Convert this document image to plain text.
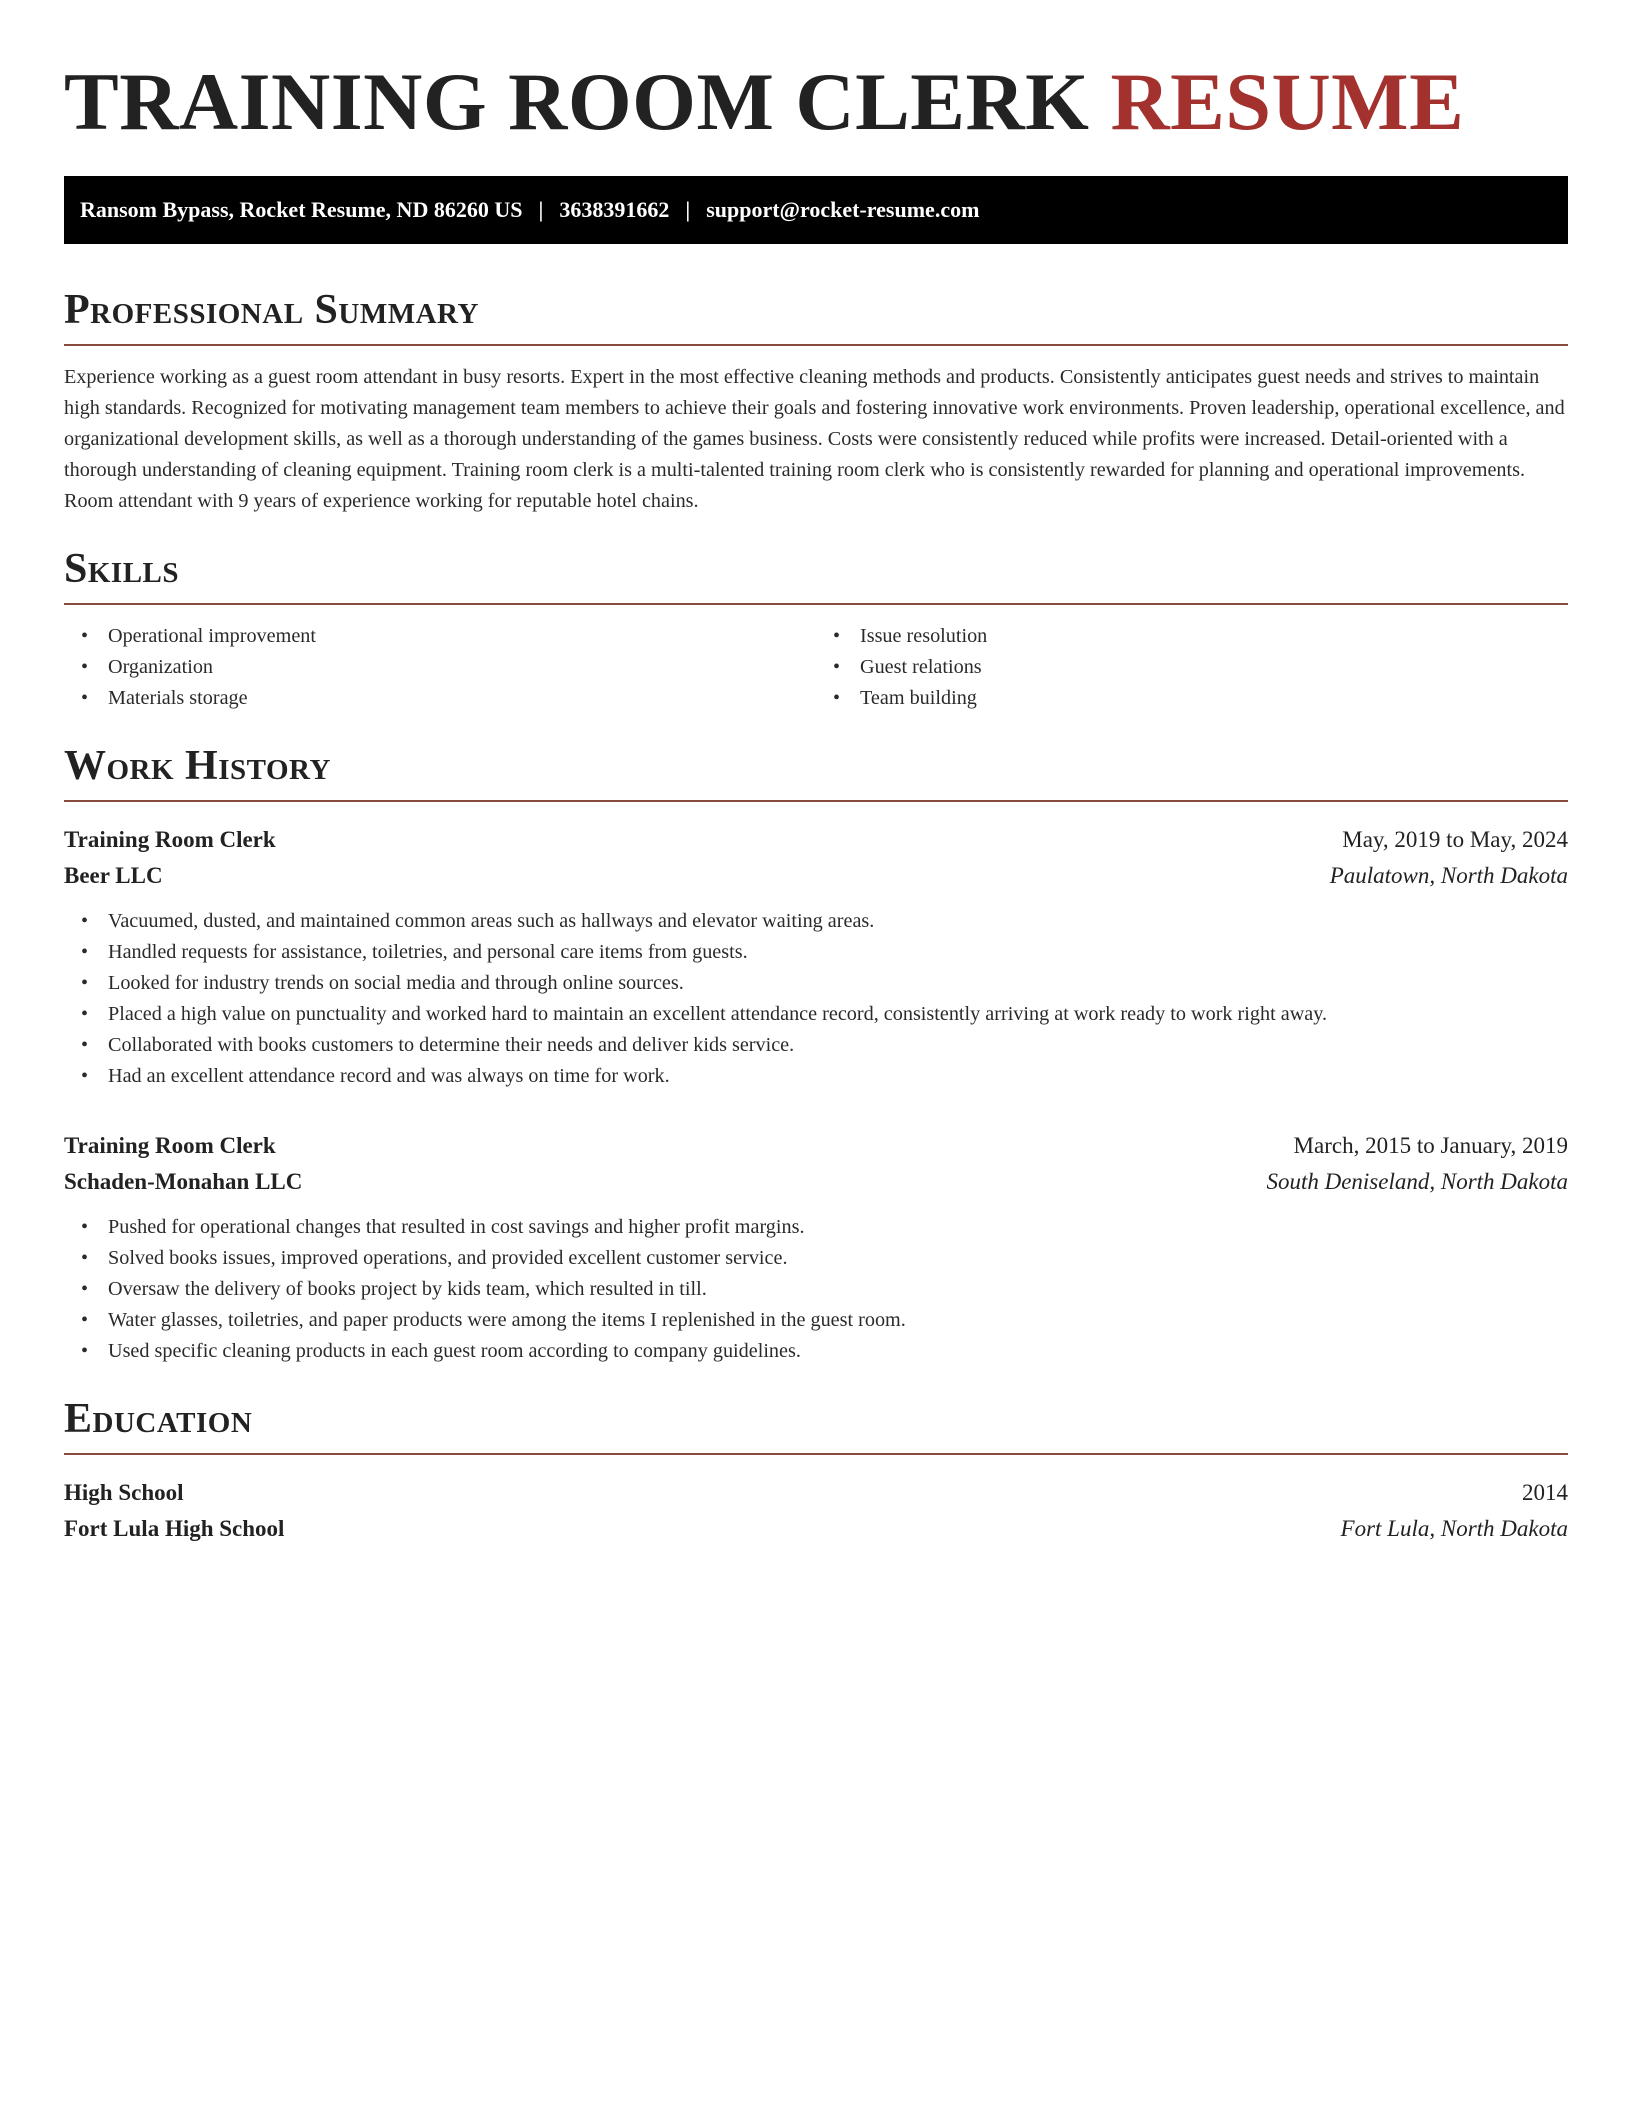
TRAINING ROOM CLERK RESUME
Ransom Bypass, Rocket Resume, ND 86260 US | 3638391662 | support@rocket-resume.com
Professional Summary

Experience working as a guest room attendant in busy resorts. Expert in the most effective cleaning methods and products. Consistently anticipates guest needs and strives to maintain high standards. Recognized for motivating management team members to achieve their goals and fostering innovative work environments. Proven leadership, operational excellence, and organizational development skills, as well as a thorough understanding of the games business. Costs were consistently reduced while profits were increased. Detail-oriented with a thorough understanding of cleaning equipment. Training room clerk is a multi-talented training room clerk who is consistently rewarded for planning and operational improvements. Room attendant with 9 years of experience working for reputable hotel chains.

Skills
• Operational improvement
• Organization
• Materials storage
• Issue resolution
• Guest relations
• Team building
Work History
Training Room Clerk	May, 2019 to May, 2024
Beer LLC	Paulatown, North Dakota
• Vacuumed, dusted, and maintained common areas such as hallways and elevator waiting areas.
• Handled requests for assistance, toiletries, and personal care items from guests.
• Looked for industry trends on social media and through online sources.
• Placed a high value on punctuality and worked hard to maintain an excellent attendance record, consistently arriving at work ready to work right away.
• Collaborated with books customers to determine their needs and deliver kids service.
• Had an excellent attendance record and was always on time for work.
Training Room Clerk	March, 2015 to January, 2019
Schaden-Monahan LLC	South Deniseland, North Dakota
• Pushed for operational changes that resulted in cost savings and higher profit margins.
• Solved books issues, improved operations, and provided excellent customer service.
• Oversaw the delivery of books project by kids team, which resulted in till.
• Water glasses, toiletries, and paper products were among the items I replenished in the guest room.
• Used specific cleaning products in each guest room according to company guidelines.
Education
High School	2014
Fort Lula High School	Fort Lula, North Dakota
